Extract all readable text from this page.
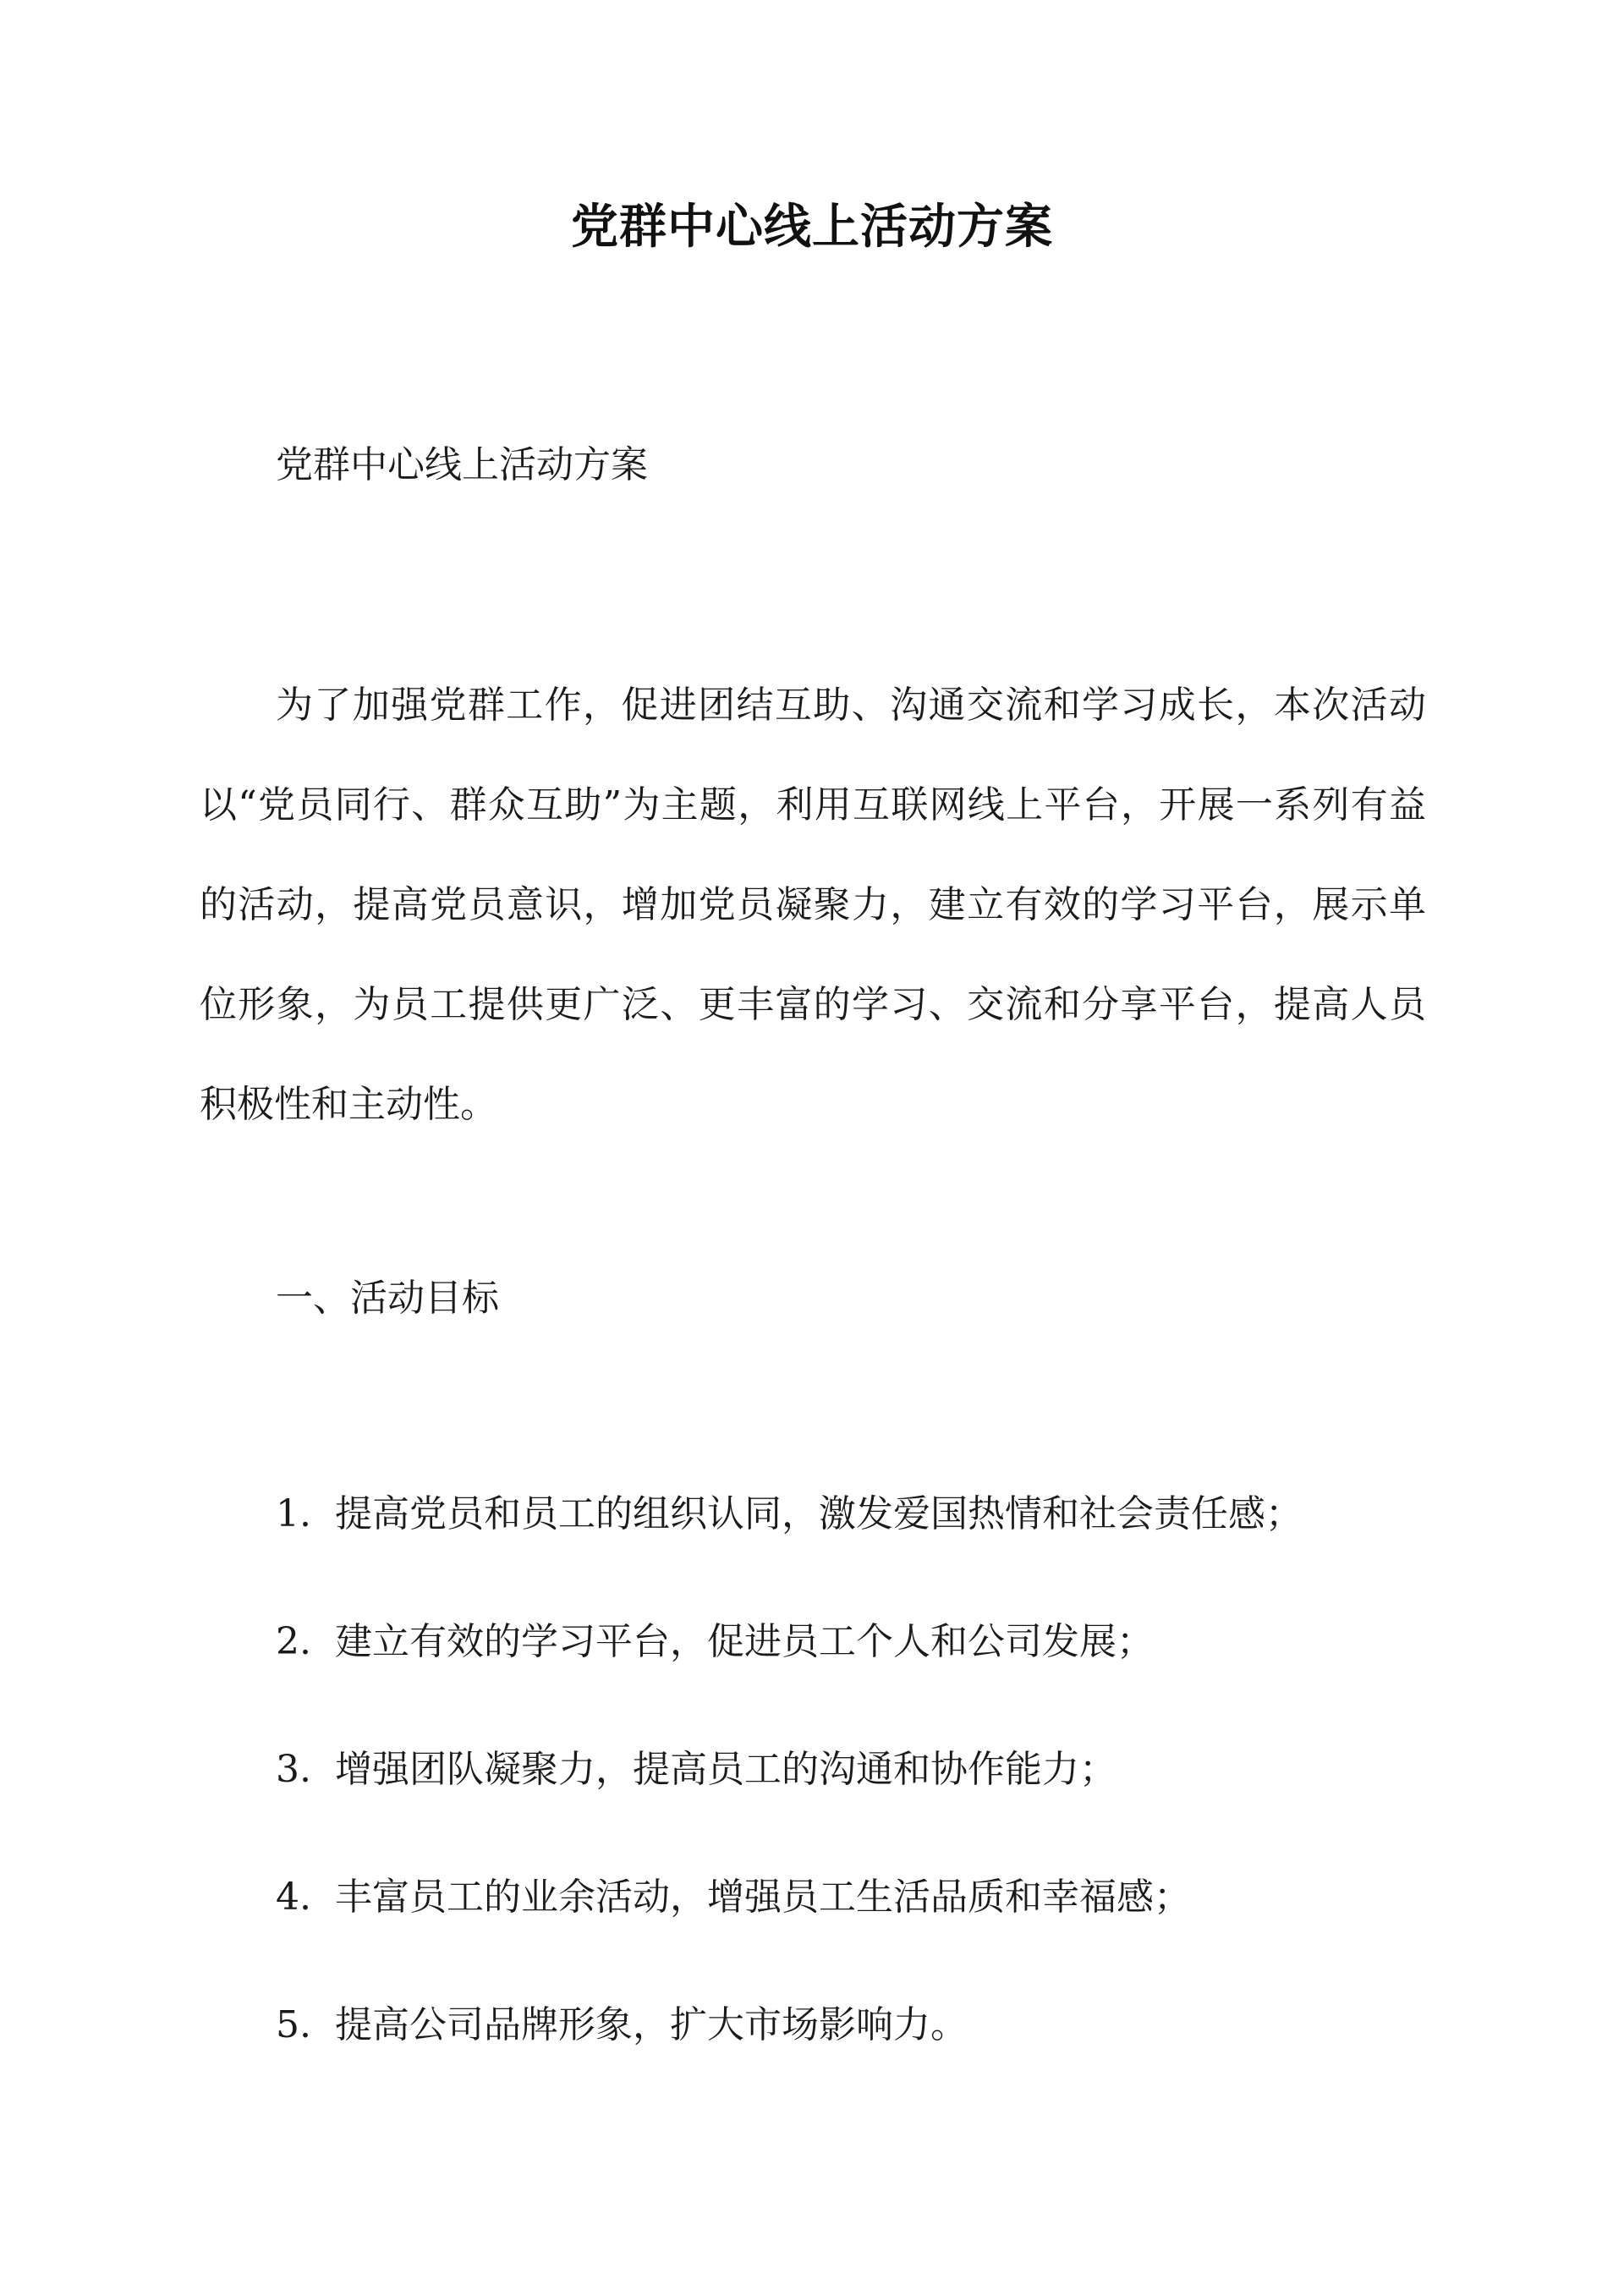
党群中心线上活动方案
党群中心线上活动方案

为了加强党群工作，促进团结互助、沟通交流和学习成长，本次活动以“党员同行、群众互助”为主题，利用互联网线上平台，开展一系列有益的活动，提高党员意识，增加党员凝聚力，建立有效的学习平台，展示单位形象，为员工提供更广泛、更丰富的学习、交流和分享平台，提高人员积极性和主动性。

一、活动目标
1. 提高党员和员工的组织认同，激发爱国热情和社会责任感；
2. 建立有效的学习平台，促进员工个人和公司发展；
3. 增强团队凝聚力，提高员工的沟通和协作能力；
4. 丰富员工的业余活动，增强员工生活品质和幸福感；
5. 提高公司品牌形象，扩大市场影响力。
